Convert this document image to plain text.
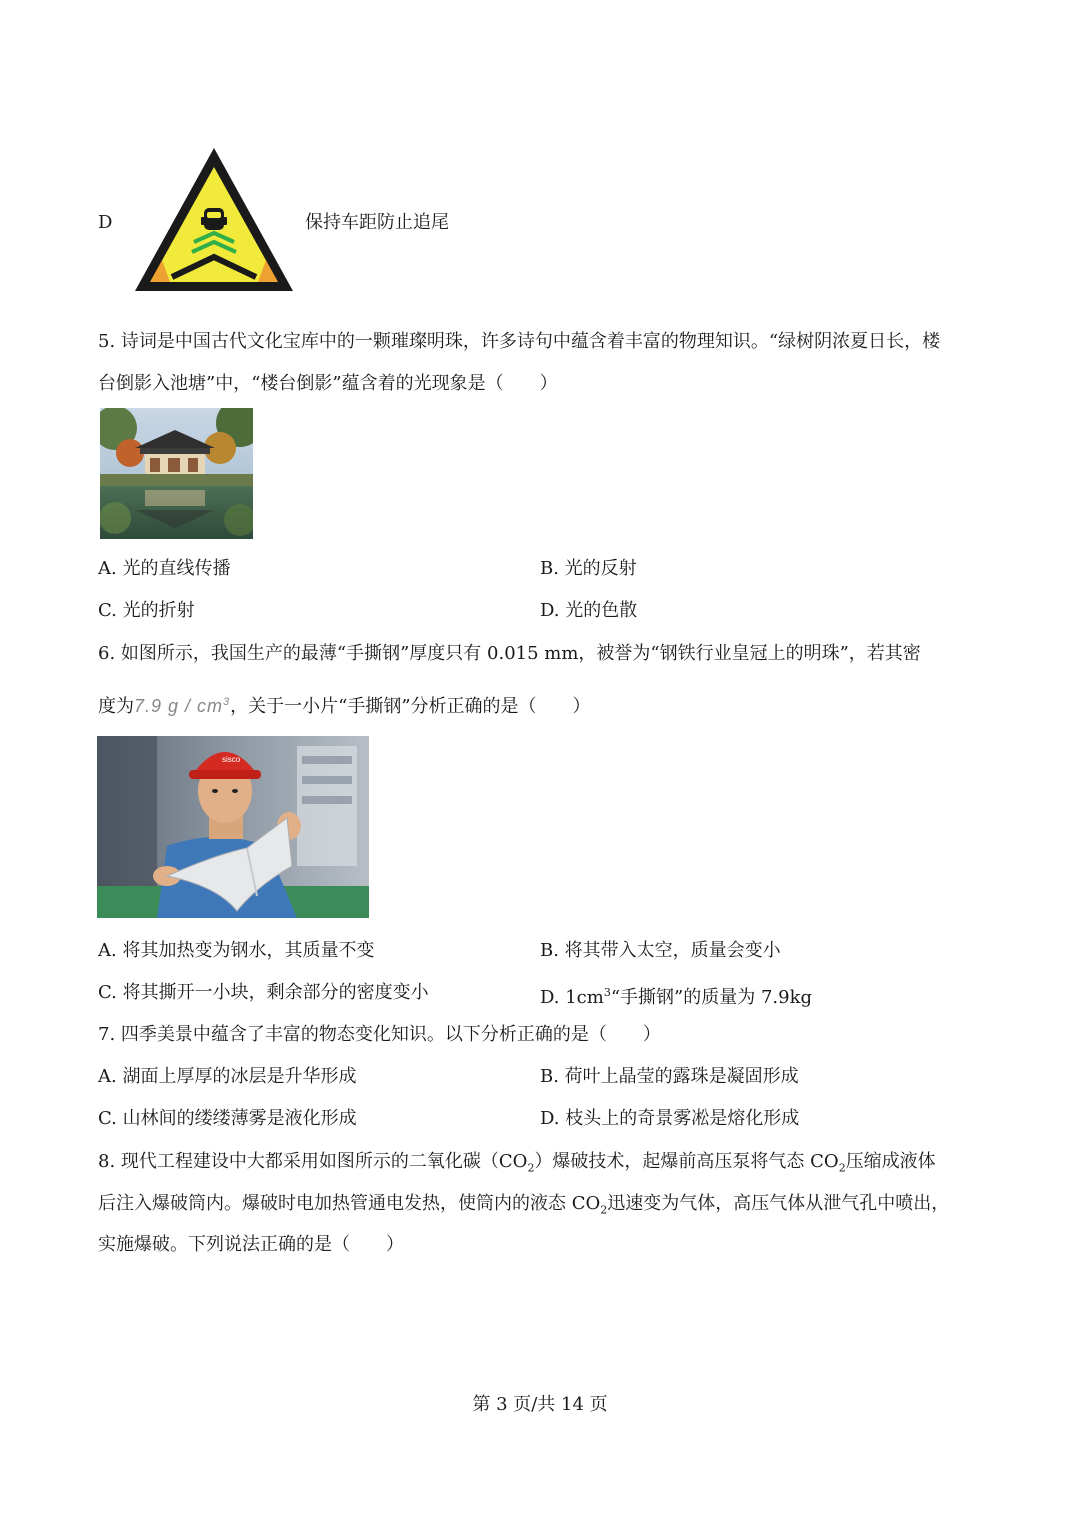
D	保持车距防止追尾
5. 诗词是中国古代文化宝库中的一颗璀璨明珠，许多诗句中蕴含着丰富的物理知识。“绿树阴浓夏日长，楼
台倒影入池塘”中，“楼台倒影”蕴含着的光现象是（　　）
A. 光的直线传播	B. 光的反射
C. 光的折射	D. 光的色散
6. 如图所示，我国生产的最薄“手撕钢”厚度只有 0.015 mm，被誉为“钢铁行业皇冠上的明珠”，若其密
度为7.9 g / $cm^3$，关于一小片“手撕钢”分析正确的是（　　）
sisco
A. 将其加热变为钢水，其质量不变	B. 将其带入太空，质量会变小
C. 将其撕开一小块，剩余部分的密度变小	D. $1cm^3“$手撕钢”的质量为 7.9kg
7. 四季美景中蕴含了丰富的物态变化知识。以下分析正确的是（　　）
A. 湖面上厚厚的冰层是升华形成	B. 荷叶上晶莹的露珠是凝固形成
C. 山林间的缕缕薄雾是液化形成	D. 枝头上的奇景雾凇是熔化形成
8. 现代工程建设中大都采用如图所示的二氧化碳$(CO_2)$爆破技术，起爆前高压泵将气态 $CO_2$压缩成液体
后注入爆破筒内。爆破时电加热管通电发热，使筒内的液态 $CO_2$迅速变为气体，高压气体从泄气孔中喷出，
实施爆破。下列说法正确的是（　　）
第 3 页/共 14 页
